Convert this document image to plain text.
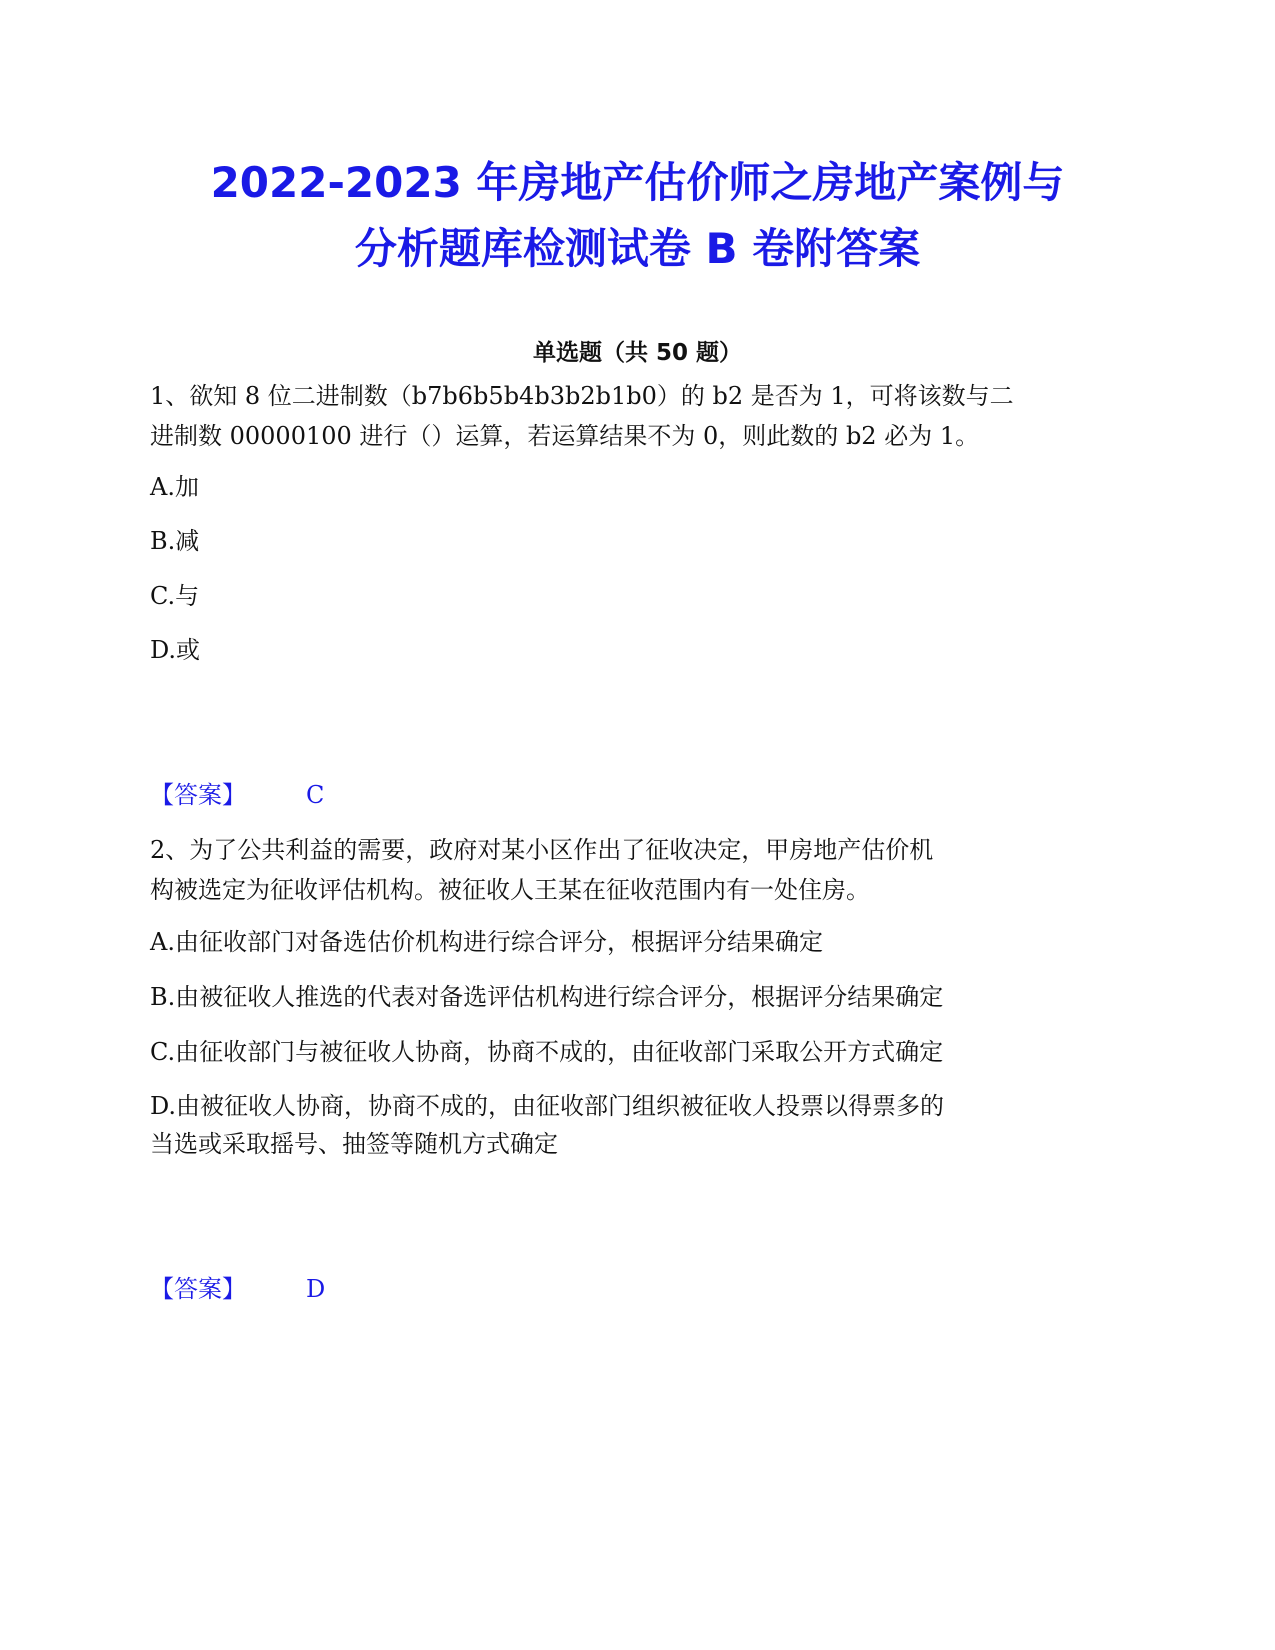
2022-2023 年房地产估价师之房地产案例与
分析题库检测试卷 B 卷附答案
单选题（共 50 题）
1、欲知 8 位二进制数（b7b6b5b4b3b2b1b0）的 b2 是否为 1，可将该数与二
进制数 00000100 进行（）运算，若运算结果不为 0，则此数的 b2 必为 1。
A.加
B.减
C.与
D.或
【答案】	C
2、为了公共利益的需要，政府对某小区作出了征收决定，甲房地产估价机
构被选定为征收评估机构。被征收人王某在征收范围内有一处住房。
A.由征收部门对备选估价机构进行综合评分，根据评分结果确定
B.由被征收人推选的代表对备选评估机构进行综合评分，根据评分结果确定
C.由征收部门与被征收人协商，协商不成的，由征收部门采取公开方式确定
D.由被征收人协商，协商不成的，由征收部门组织被征收人投票以得票多的
当选或采取摇号、抽签等随机方式确定
【答案】	D
